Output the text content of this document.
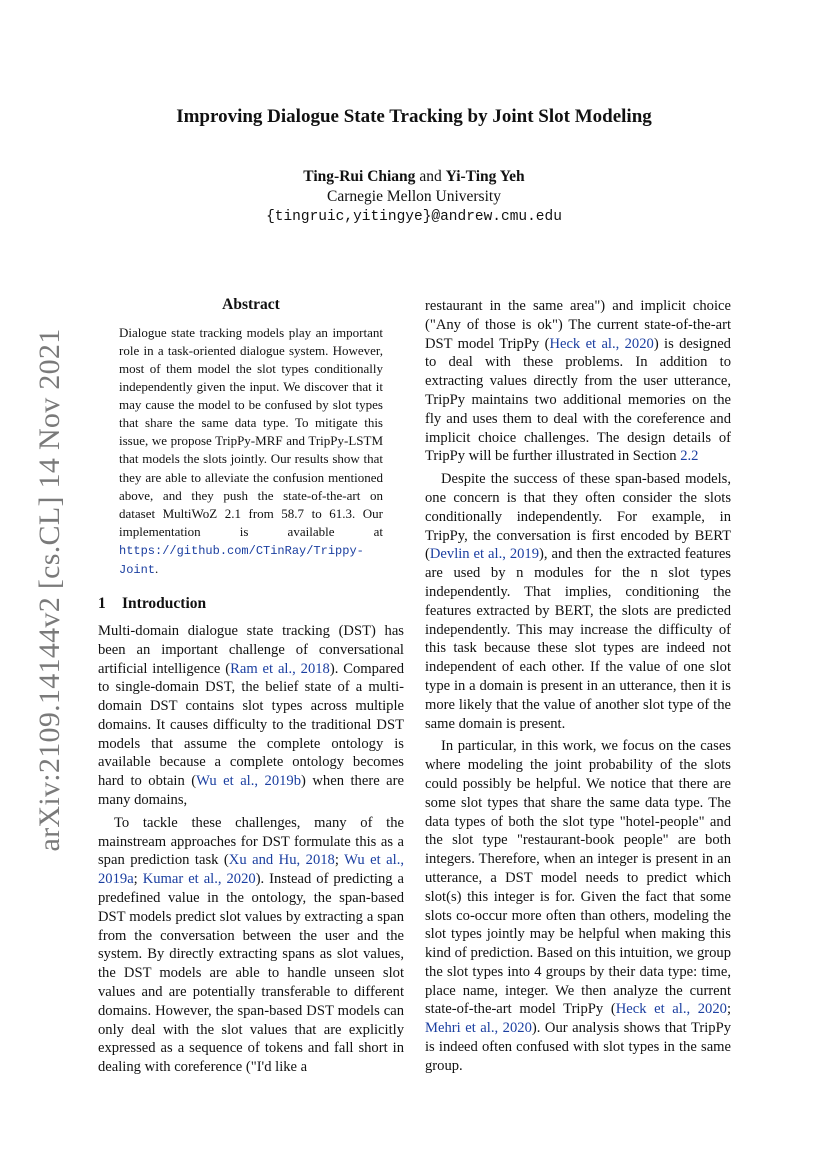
arXiv:2109.14144v2 [cs.CL] 14 Nov 2021
Improving Dialogue State Tracking by Joint Slot Modeling
Ting-Rui Chiang and Yi-Ting Yeh
Carnegie Mellon University
{tingruic,yitingye}@andrew.cmu.edu
Abstract
Dialogue state tracking models play an important role in a task-oriented dialogue system. However, most of them model the slot types conditionally independently given the input. We discover that it may cause the model to be confused by slot types that share the same data type. To mitigate this issue, we propose TripPy-MRF and TripPy-LSTM that models the slots jointly. Our results show that they are able to alleviate the confusion mentioned above, and they push the state-of-the-art on dataset MultiWoZ 2.1 from 58.7 to 61.3. Our implementation is available at https://github.com/CTinRay/Trippy-Joint.
1 Introduction

Multi-domain dialogue state tracking (DST) has been an important challenge of conversational artificial intelligence (Ram et al., 2018). Compared to single-domain DST, the belief state of a multi-domain DST contains slot types across multiple domains. It causes difficulty to the traditional DST models that assume the complete ontology is available because a complete ontology becomes hard to obtain (Wu et al., 2019b) when there are many domains,

To tackle these challenges, many of the mainstream approaches for DST formulate this as a span prediction task (Xu and Hu, 2018; Wu et al., 2019a; Kumar et al., 2020). Instead of predicting a predefined value in the ontology, the span-based DST models predict slot values by extracting a span from the conversation between the user and the system. By directly extracting spans as slot values, the DST models are able to handle unseen slot values and are potentially transferable to different domains. However, the span-based DST models can only deal with the slot values that are explicitly expressed as a sequence of tokens and fall short in dealing with coreference ("I'd like a

restaurant in the same area") and implicit choice ("Any of those is ok") The current state-of-the-art DST model TripPy (Heck et al., 2020) is designed to deal with these problems. In addition to extracting values directly from the user utterance, TripPy maintains two additional memories on the fly and uses them to deal with the coreference and implicit choice challenges. The design details of TripPy will be further illustrated in Section 2.2

Despite the success of these span-based models, one concern is that they often consider the slots conditionally independently. For example, in TripPy, the conversation is first encoded by BERT (Devlin et al., 2019), and then the extracted features are used by n modules for the n slot types independently. That implies, conditioning the features extracted by BERT, the slots are predicted independently. This may increase the difficulty of this task because these slot types are indeed not independent of each other. If the value of one slot type in a domain is present in an utterance, then it is more likely that the value of another slot type of the same domain is present.

In particular, in this work, we focus on the cases where modeling the joint probability of the slots could possibly be helpful. We notice that there are some slot types that share the same data type. The data types of both the slot type "hotel-people" and the slot type "restaurant-book people" are both integers. Therefore, when an integer is present in an utterance, a DST model needs to predict which slot(s) this integer is for. Given the fact that some slots co-occur more often than others, modeling the slot types jointly may be helpful when making this kind of prediction. Based on this intuition, we group the slot types into 4 groups by their data type: time, place name, integer. We then analyze the current state-of-the-art model TripPy (Heck et al., 2020; Mehri et al., 2020). Our analysis shows that TripPy is indeed often confused with slot types in the same group.
